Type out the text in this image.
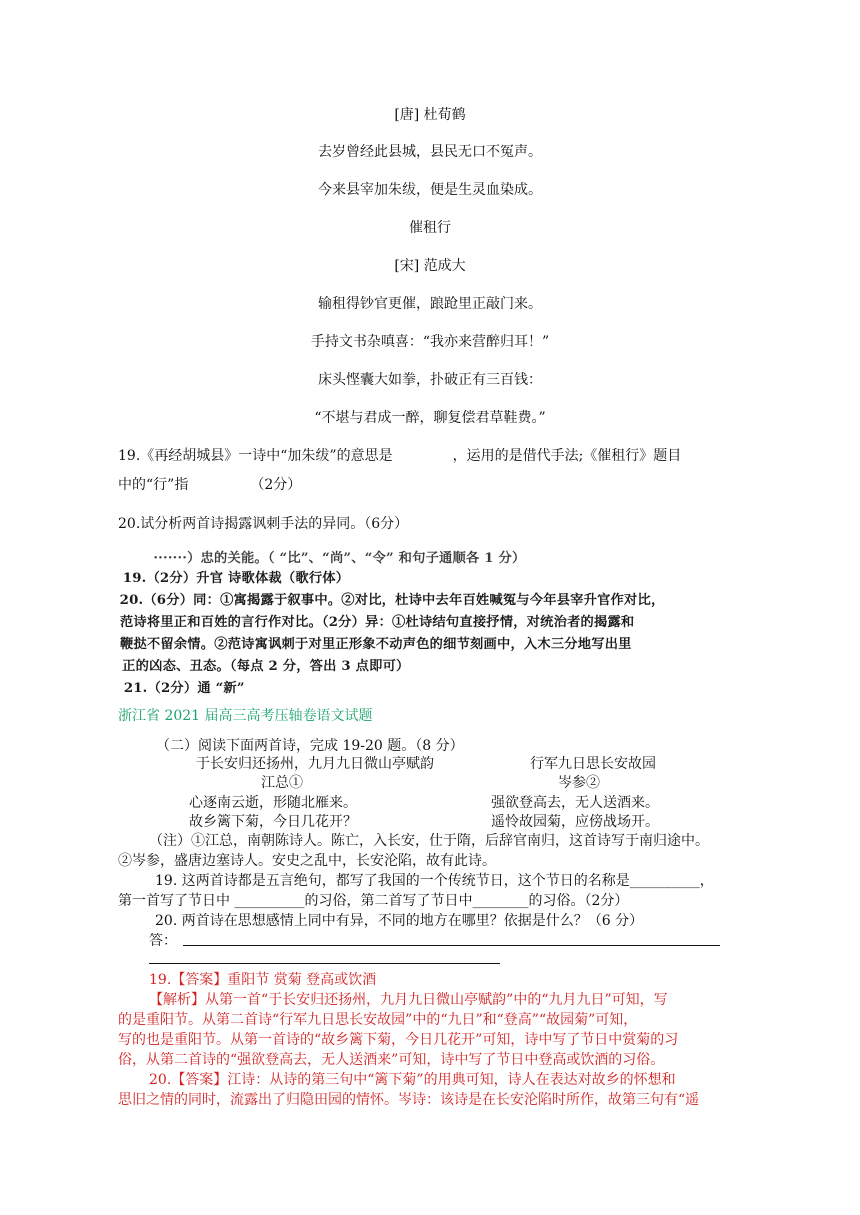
[唐] 杜荀鹤
去岁曾经此县城，县民无口不冤声。
今来县宰加朱绂，便是生灵血染成。
催租行
[宋] 范成大
输租得钞官更催，踉跄里正敲门来。
手持文书杂嗔喜：“我亦来营醉归耳！”
床头悭囊大如拳，扑破正有三百钱：
“不堪与君成一醉，聊复偿君草鞋费。”
19.《再经胡城县》一诗中“加朱绂”的意思是	，运用的是借代手法;《催租行》题目
中的“行”指	（2分）
20.试分析两首诗揭露讽刺手法的异同。（6分）
·······）忠的关能。（ “比”、“尚”、“令” 和句子通顺各 1 分）
19.（2分）升官 诗歌体裁（歌行体）
20.（6分）同：①寓揭露于叙事中。②对比，杜诗中去年百姓喊冤与今年县宰升官作对比，
范诗将里正和百姓的言行作对比。（2分）异：①杜诗结句直接抒情，对统治者的揭露和
鞭挞不留余情。②范诗寓讽刺于对里正形象不动声色的细节刻画中，入木三分地写出里
正的凶态、丑态。（每点 2 分，答出 3 点即可）
21.（2分）通 “新”
浙江省 2021 届高三高考压轴卷语文试题
（二）阅读下面两首诗，完成 19-20 题。（8 分）
于长安归还扬州，九月九日微山亭赋韵	行军九日思长安故园
江总①	岑参②
心逐南云逝，形随北雁来。	强欲登高去，无人送酒来。
故乡篱下菊，今日几花开？	遥怜故园菊，应傍战场开。
（注）①江总，南朝陈诗人。陈亡，入长安，仕于隋，后辞官南归，这首诗写于南归途中。
②岑参，盛唐边塞诗人。安史之乱中，长安沦陷，故有此诗。
19. 这两首诗都是五言绝句，都写了我国的一个传统节日，这个节日的名称是__________，
第一首写了节日中 __________的习俗，第二首写了节日中________的习俗。（2分）
20. 两首诗在思想感情上同中有异，不同的地方在哪里？依据是什么？（6 分）
答：
19.【答案】重阳节 赏菊 登高或饮酒
【解析】从第一首“于长安归还扬州，九月九日微山亭赋韵”中的“九月九日”可知，写
的是重阳节。从第二首诗“行军九日思长安故园”中的“九日”和“登高”“故园菊”可知，
写的也是重阳节。从第一首诗的“故乡篱下菊，今日几花开”可知，诗中写了节日中赏菊的习
俗，从第二首诗的“强欲登高去，无人送酒来”可知，诗中写了节日中登高或饮酒的习俗。
20.【答案】江诗：从诗的第三句中“篱下菊”的用典可知，诗人在表达对故乡的怀想和
思旧之情的同时，流露出了归隐田园的情怀。岑诗：该诗是在长安沦陷时所作，故第三句有“遥
